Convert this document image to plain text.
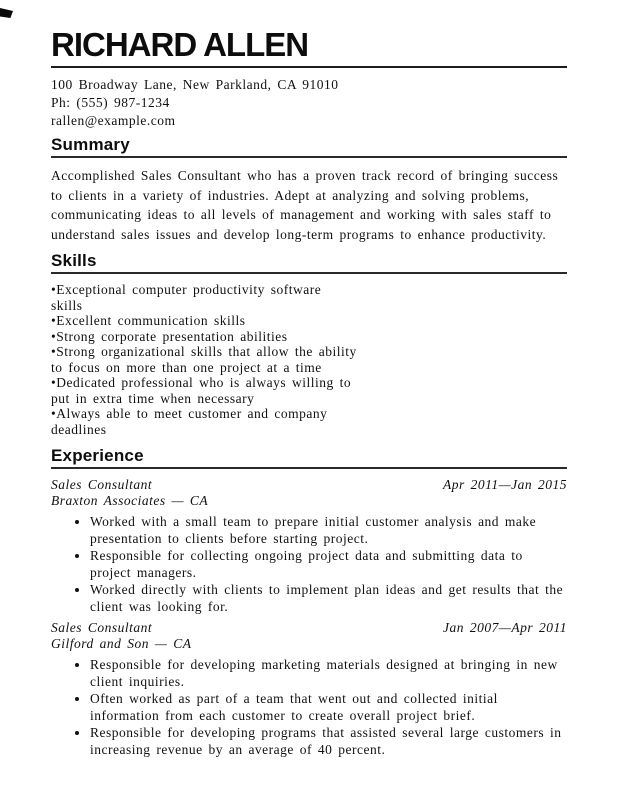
RICHARD ALLEN
100 Broadway Lane, New Parkland, CA 91010
Ph: (555) 987-1234
rallen@example.com
Summary

Accomplished Sales Consultant who has a proven track record of bringing success to clients in a variety of industries. Adept at analyzing and solving problems, communicating ideas to all levels of management and working with sales staff to understand sales issues and develop long-term programs to enhance productivity.

Skills
• Exceptional computer productivity software skills
• Excellent communication skills
• Strong corporate presentation abilities
• Strong organizational skills that allow the ability to focus on more than one project at a time
• Dedicated professional who is always willing to put in extra time when necessary
• Always able to meet customer and company deadlines
Experience
Sales Consultant	Apr 2011—Jan 2015
Braxton Associates — CA
• Worked with a small team to prepare initial customer analysis and make presentation to clients before starting project.
• Responsible for collecting ongoing project data and submitting data to project managers.
• Worked directly with clients to implement plan ideas and get results that the client was looking for.
Sales Consultant	Jan 2007—Apr 2011
Gilford and Son — CA
• Responsible for developing marketing materials designed at bringing in new client inquiries.
• Often worked as part of a team that went out and collected initial information from each customer to create overall project brief.
• Responsible for developing programs that assisted several large customers in increasing revenue by an average of 40 percent.
